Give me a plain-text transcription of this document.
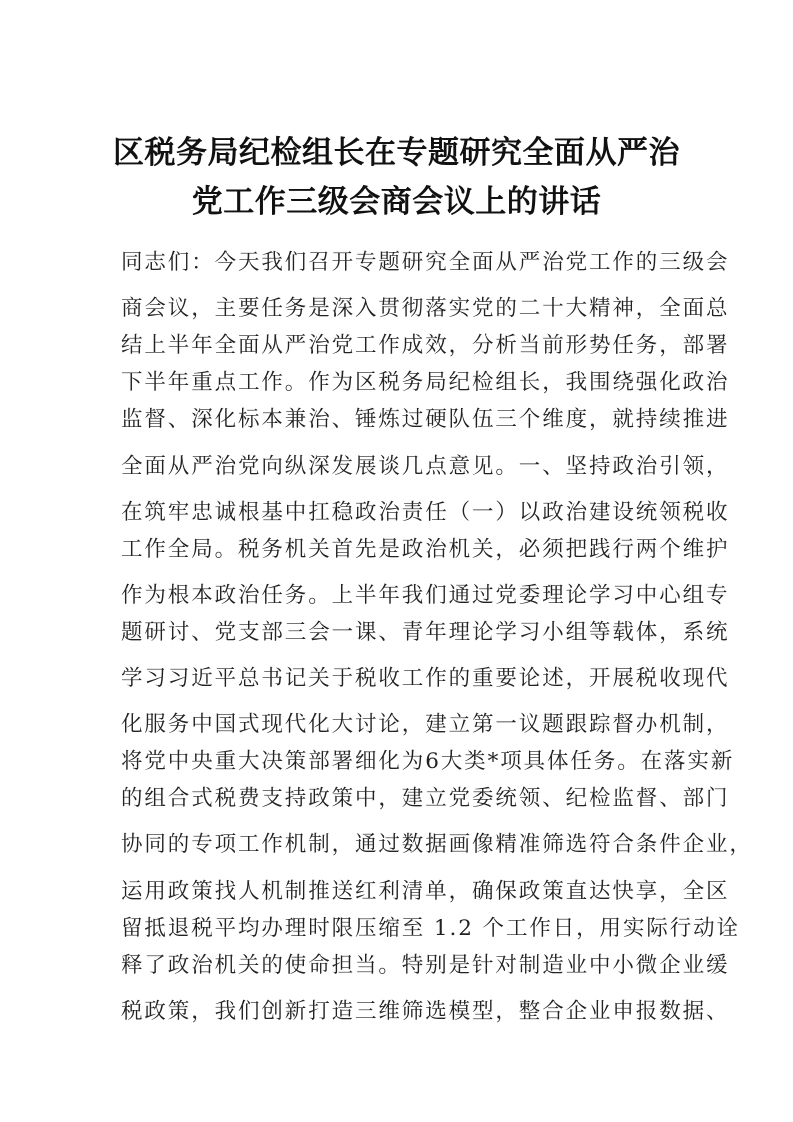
区税务局纪检组长在专题研究全面从严治
党工作三级会商会议上的讲话
同志们：今天我们召开专题研究全面从严治党工作的三级会
商会议，主要任务是深入贯彻落实党的二十大精神，全面总
结上半年全面从严治党工作成效，分析当前形势任务，部署
下半年重点工作。作为区税务局纪检组长，我围绕强化政治
监督、深化标本兼治、锤炼过硬队伍三个维度，就持续推进
全面从严治党向纵深发展谈几点意见。一、坚持政治引领，
在筑牢忠诚根基中扛稳政治责任（一）以政治建设统领税收
工作全局。税务机关首先是政治机关，必须把践行两个维护
作为根本政治任务。上半年我们通过党委理论学习中心组专
题研讨、党支部三会一课、青年理论学习小组等载体，系统
学习习近平总书记关于税收工作的重要论述，开展税收现代
化服务中国式现代化大讨论，建立第一议题跟踪督办机制，
将党中央重大决策部署细化为6大类*项具体任务。在落实新
的组合式税费支持政策中，建立党委统领、纪检监督、部门
协同的专项工作机制，通过数据画像精准筛选符合条件企业，
运用政策找人机制推送红利清单，确保政策直达快享，全区
留抵退税平均办理时限压缩至 1.2 个工作日，用实际行动诠
释了政治机关的使命担当。特别是针对制造业中小微企业缓
税政策，我们创新打造三维筛选模型，整合企业申报数据、
